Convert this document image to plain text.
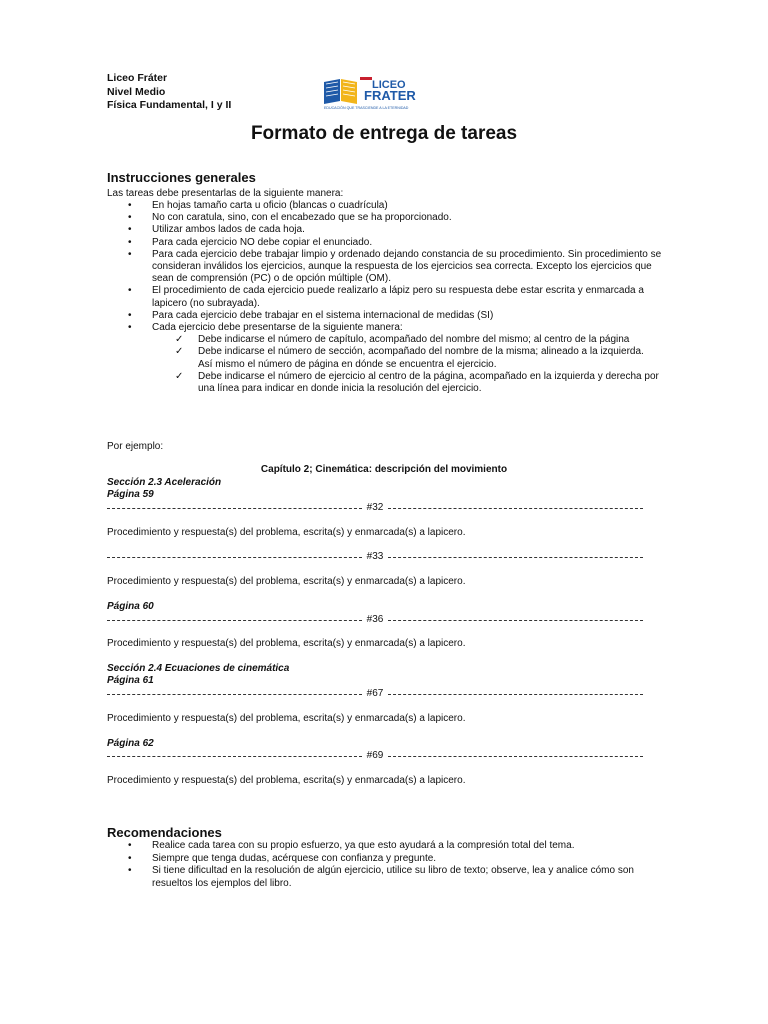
Liceo Fráter
Nivel Medio
Física Fundamental, I y II
LICEO
FRATER
EDUCACIÓN QUE TRASCIENDE A LA ETERNIDAD
Formato de entrega de tareas
Instrucciones generales
Las tareas debe presentarlas de la siguiente manera:
• En hojas tamaño carta u oficio (blancas o cuadrícula)
• No con caratula, sino, con el encabezado que se ha proporcionado.
• Utilizar ambos lados de cada hoja.
• Para cada ejercicio NO debe copiar el enunciado.
• Para cada ejercicio debe trabajar limpio y ordenado dejando constancia de su procedimiento. Sin procedimiento se consideran inválidos los ejercicios, aunque la respuesta de los ejercicios sea correcta. Excepto los ejercicios que sean de comprensión (PC) o de opción múltiple (OM).
• El procedimiento de cada ejercicio puede realizarlo a lápiz pero su respuesta debe estar escrita y enmarcada a lapicero (no subrayada).
• Para cada ejercicio debe trabajar en el sistema internacional de medidas (SI)
• Cada ejercicio debe presentarse de la siguiente manera:
✓ Debe indicarse el número de capítulo, acompañado del nombre del mismo; al centro de la página
✓ Debe indicarse el número de sección, acompañado del nombre de la misma; alineado a la izquierda.
Así mismo el número de página en dónde se encuentra el ejercicio.
✓ Debe indicarse el número de ejercicio al centro de la página, acompañado en la izquierda y derecha por una línea para indicar en donde inicia la resolución del ejercicio.
Por ejemplo:
Capítulo 2; Cinemática: descripción del movimiento
Sección 2.3 Aceleración
Página 59
#32
Procedimiento y respuesta(s) del problema, escrita(s) y enmarcada(s) a lapicero.
#33
Procedimiento y respuesta(s) del problema, escrita(s) y enmarcada(s) a lapicero.
Página 60
#36
Procedimiento y respuesta(s) del problema, escrita(s) y enmarcada(s) a lapicero.
Sección 2.4 Ecuaciones de cinemática
Página 61
#67
Procedimiento y respuesta(s) del problema, escrita(s) y enmarcada(s) a lapicero.
Página 62
#69
Procedimiento y respuesta(s) del problema, escrita(s) y enmarcada(s) a lapicero.
Recomendaciones
• Realice cada tarea con su propio esfuerzo, ya que esto ayudará a la compresión total del tema.
• Siempre que tenga dudas, acérquese con confianza y pregunte.
• Si tiene dificultad en la resolución de algún ejercicio, utilice su libro de texto; observe, lea y analice cómo son resueltos los ejemplos del libro.
